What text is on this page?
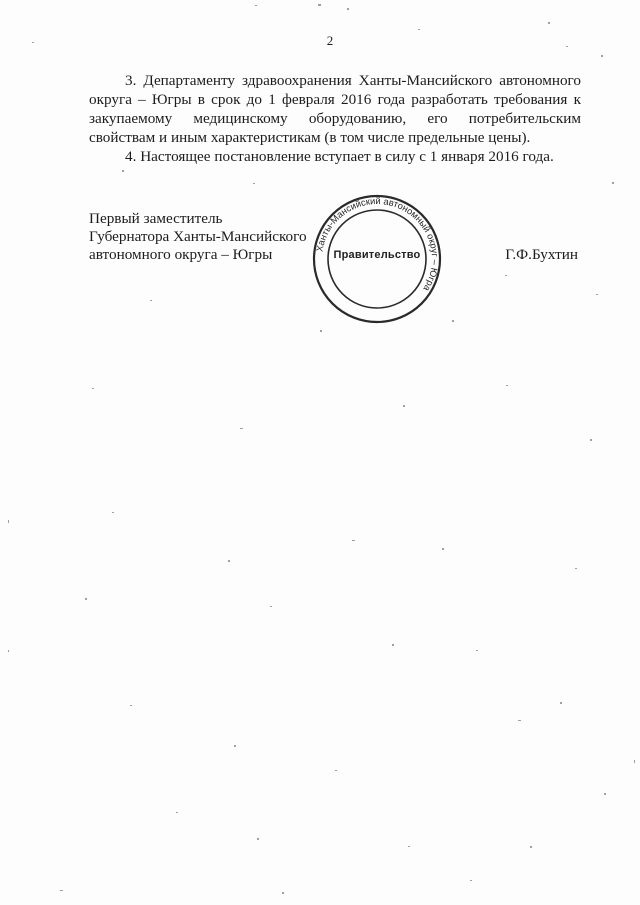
2

3. Департаменту здравоохранения Ханты-Мансийского автономного округа – Югры в срок до 1 февраля 2016 года разработать требования к закупаемому медицинскому оборудованию, его потребительским свойствам и иным характеристикам (в том числе предельные цены).

4. Настоящее постановление вступает в силу с 1 января 2016 года.

Первый заместитель
Губернатора Ханты-Мансийского
автономного округа – Югры	Ханты-Мансийский автономный округ – Югра
Правительство	Г.Ф.Бухтин
